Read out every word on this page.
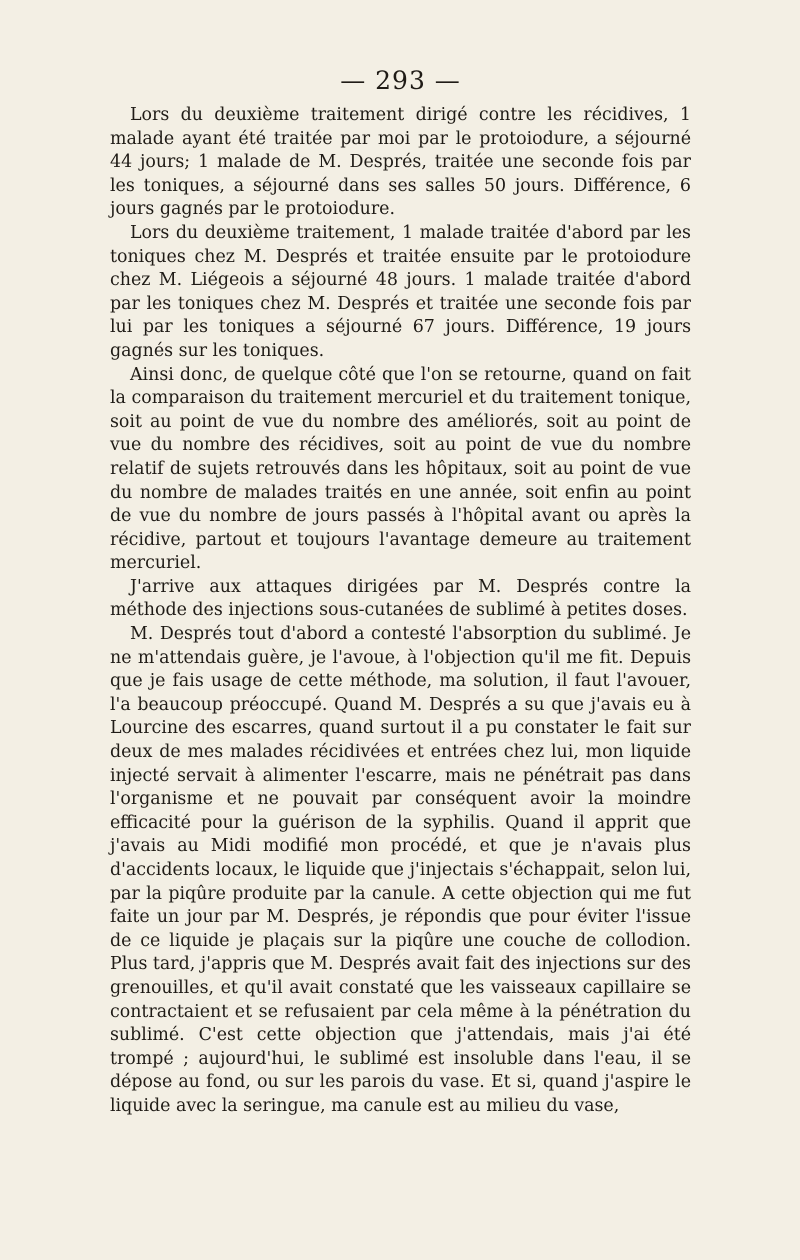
— 293 —

Lors du deuxième traitement dirigé contre les récidives, 1 malade ayant été traitée par moi par le protoiodure, a séjourné 44 jours; 1 malade de M. Després, traitée une seconde fois par les toniques, a séjourné dans ses salles 50 jours. Différence, 6 jours gagnés par le protoiodure.

Lors du deuxième traitement, 1 malade traitée d'abord par les toniques chez M. Després et traitée ensuite par le protoiodure chez M. Liégeois a séjourné 48 jours. 1 malade traitée d'abord par les toniques chez M. Després et traitée une seconde fois par lui par les toniques a séjourné 67 jours. Différence, 19 jours gagnés sur les toniques.

Ainsi donc, de quelque côté que l'on se retourne, quand on fait la comparaison du traitement mercuriel et du traitement tonique, soit au point de vue du nombre des améliorés, soit au point de vue du nombre des récidives, soit au point de vue du nombre relatif de sujets retrouvés dans les hôpitaux, soit au point de vue du nombre de malades traités en une année, soit enfin au point de vue du nombre de jours passés à l'hôpital avant ou après la récidive, partout et toujours l'avantage demeure au traitement mercuriel.

J'arrive aux attaques dirigées par M. Després contre la méthode des injections sous-cutanées de sublimé à petites doses.

M. Després tout d'abord a contesté l'absorption du sublimé. Je ne m'attendais guère, je l'avoue, à l'objection qu'il me fit. Depuis que je fais usage de cette méthode, ma solution, il faut l'avouer, l'a beaucoup préoccupé. Quand M. Després a su que j'avais eu à Lourcine des escarres, quand surtout il a pu constater le fait sur deux de mes malades récidivées et entrées chez lui, mon liquide injecté servait à alimenter l'escarre, mais ne pénétrait pas dans l'organisme et ne pouvait par conséquent avoir la moindre efficacité pour la guérison de la syphilis. Quand il apprit que j'avais au Midi modifié mon procédé, et que je n'avais plus d'accidents locaux, le liquide que j'injectais s'échappait, selon lui, par la piqûre produite par la canule. A cette objection qui me fut faite un jour par M. Després, je répondis que pour éviter l'issue de ce liquide je plaçais sur la piqûre une couche de collodion. Plus tard, j'appris que M. Després avait fait des injections sur des grenouilles, et qu'il avait constaté que les vaisseaux capillaire se contractaient et se refusaient par cela même à la pénétration du sublimé. C'est cette objection que j'attendais, mais j'ai été trompé ; aujourd'hui, le sublimé est insoluble dans l'eau, il se dépose au fond, ou sur les parois du vase. Et si, quand j'aspire le liquide avec la seringue, ma canule est au milieu du vase,
